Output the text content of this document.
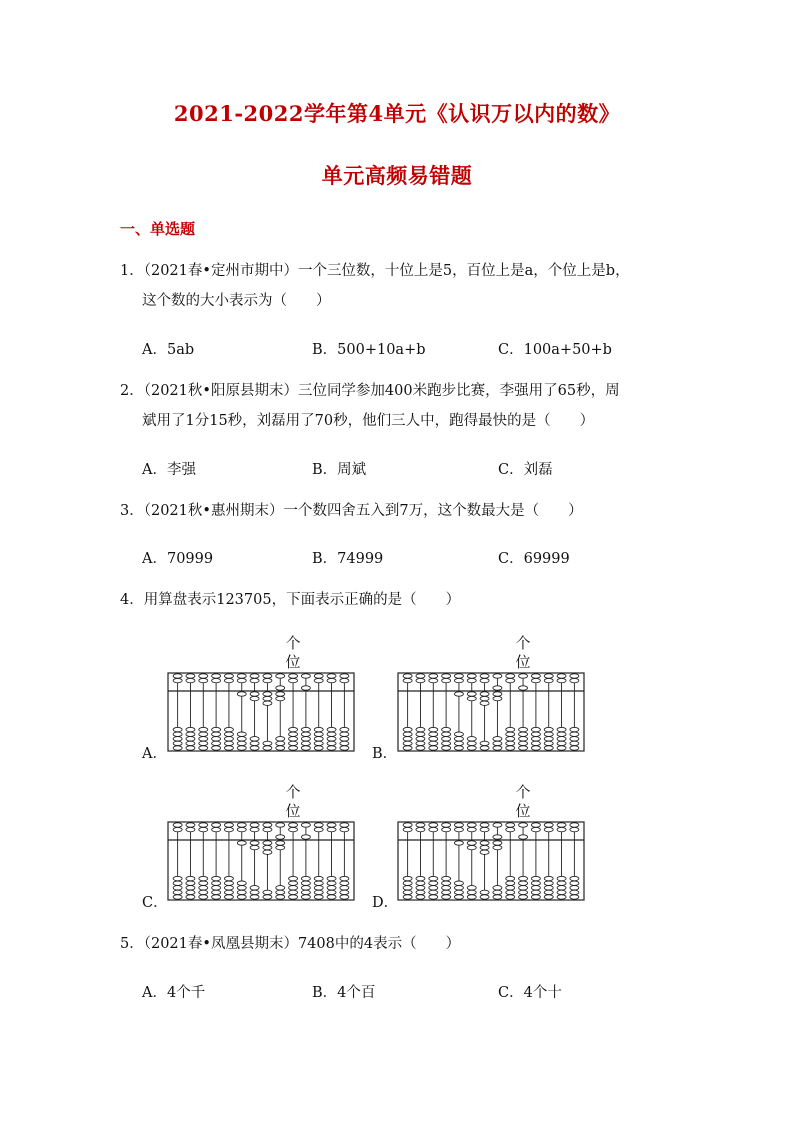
2021-2022学年第4单元《认识万以内的数》
单元高频易错题
一、单选题
1．（2021春•定州市期中）一个三位数，十位上是5，百位上是a，个位上是b，
这个数的大小表示为（　　）
A．5ab	B．500+10a+b	C．100a+50+b
2．（2021秋•阳原县期末）三位同学参加400米跑步比赛，李强用了65秒，周
斌用了1分15秒，刘磊用了70秒，他们三人中，跑得最快的是（　　）
A．李强	B．周斌	C．刘磊
3．（2021秋•惠州期末）一个数四舍五入到7万，这个数最大是（　　）
A．70999	B．74999	C．69999
4．用算盘表示123705，下面表示正确的是（　　）
A．
个
位
B．
个
位
C．
个
位
D．
个
位
5．（2021春•凤凰县期末）7408中的4表示（　　）
A．4个千	B．4个百	C．4个十
